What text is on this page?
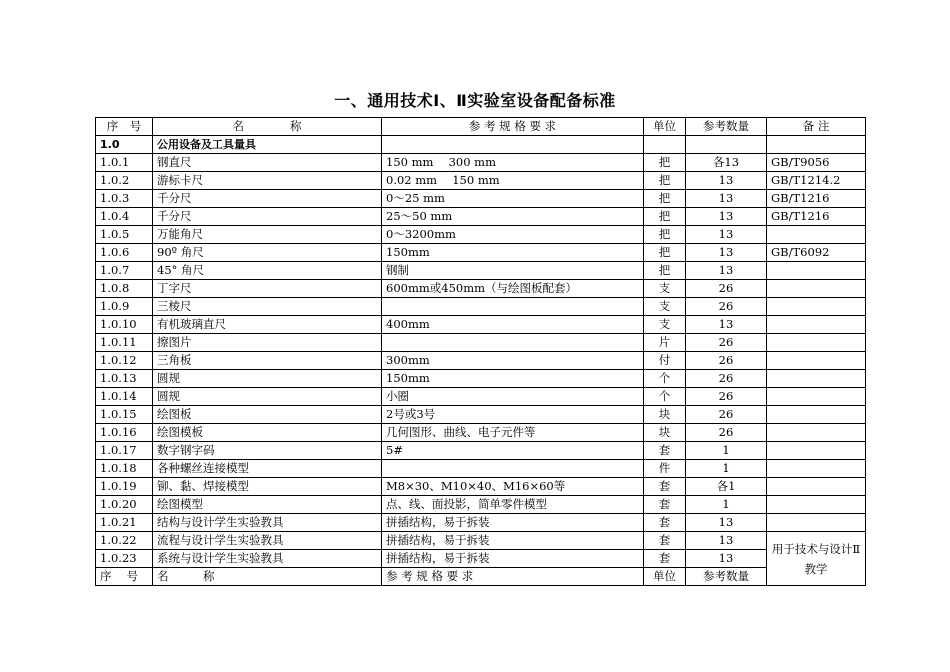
一、通用技术Ⅰ、Ⅱ实验室设备配备标准
序　号	名　　　　称	参 考 规 格 要 求	单位	参考数量	备 注
1.0	公用设备及工具量具				
1.0.1	钢直尺	150 mm　 300 mm	把	各13	GB/T9056
1.0.2	游标卡尺	0.02 mm　 150 mm	把	13	GB/T1214.2
1.0.3	千分尺	0～25 mm	把	13	GB/T1216
1.0.4	千分尺	25～50 mm	把	13	GB/T1216
1.0.5	万能角尺	0～3200mm	把	13	
1.0.6	90º 角尺	150mm	把	13	GB/T6092
1.0.7	45° 角尺	钢制	把	13	
1.0.8	丁字尺	600mm或450mm（与绘图板配套）	支	26	
1.0.9	三棱尺		支	26	
1.0.10	有机玻璃直尺	400mm	支	13	
1.0.11	擦图片		片	26	
1.0.12	三角板	300mm	付	26	
1.0.13	圆规	150mm	个	26	
1.0.14	圆规	小圈	个	26	
1.0.15	绘图板	2号或3号	块	26	
1.0.16	绘图模板	几何图形、曲线、电子元件等	块	26	
1.0.17	数字钢字码	5#	套	1	
1.0.18	各种螺丝连接模型		件	1	
1.0.19	铆、黏、焊接模型	M8×30、M10×40、M16×60等	套	各1	
1.0.20	绘图模型	点、线、面投影，简单零件模型	套	1	
1.0.21	结构与设计学生实验教具	拼插结构，易于拆装	套	13	
1.0.22	流程与设计学生实验教具	拼插结构，易于拆装	套	13	用于技术与设计Ⅱ教学
1.0.23	系统与设计学生实验教具	拼插结构，易于拆装	套	13	
序　 号	名　　　称	参 考 规 格 要 求	单位	参考数量	
